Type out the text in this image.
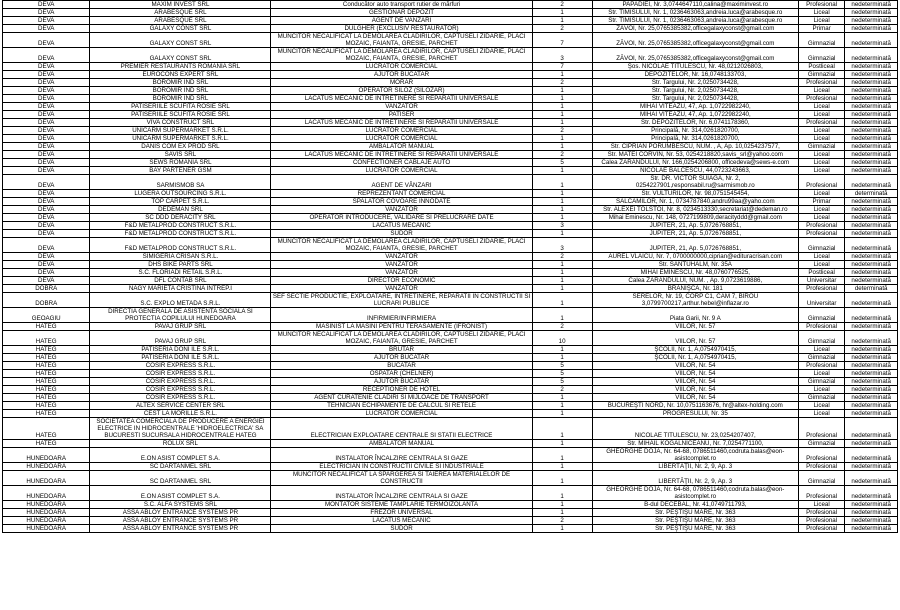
DEVA	MAXIM INVEST SRL	Conducător auto transport rutier de mărfuri	2	PAPADIEI, Nr. 3,0744647110,calina@maximinvest.ro	Profesional	nedeterminată
DEVA	ARABESQUE SRL	GESTIONAR DEPOZIT	1	Str. TIMISULUI, Nr. 1, 0236463063,andreia.luca@arabesque.ro	Liceal	nedeterminată
DEVA	ARABESQUE SRL	AGENT DE VANZARI	1	Str. TIMISULUI, Nr. 1, 0236463063,andreia.luca@arabesque.ro	Liceal	nedeterminată
DEVA	GALAXY CONST SRL	DULGHER (EXCLUSIV RESTAURATOR)	2	ZĂVOI, Nr. 25,0765385382,officegalaxyconst@gmail.com	Primar	nedeterminată
DEVA	GALAXY CONST SRL	MUNCITOR NECALIFICAT LA DEMOLAREA CLADIRILOR, CAPTUSELI ZIDARIE, PLACI MOZAIC, FAIANTA, GRESIE, PARCHET	7	ZĂVOI, Nr. 25,0765385382,officegalaxyconst@gmail.com	Gimnazial	nedeterminată
DEVA	GALAXY CONST SRL	MUNCITOR NECALIFICAT LA DEMOLAREA CLADIRILOR, CAPTUSELI ZIDARIE, PLACI MOZAIC, FAIANTA, GRESIE, PARCHET	3	ZĂVOI, Nr. 25,0765385382,officegalaxyconst@gmail.com	Gimnazial	nedeterminată
DEVA	PREMIER RESTAURANTS ROMANIA SRL	LUCRATOR COMERCIAL	7	Şos. NICOLAE TITULESCU, Nr. 48,0212026803,	Postliceal	nedeterminată
DEVA	EUROCONS EXPERT SRL	AJUTOR BUCATAR	1	DEPOZITELOR, Nr. 16,0748133703,	Gimnazial	nedeterminată
DEVA	BOROMIR IND SRL	MORAR	2	Str. Targului, Nr. 2,0250734428,	Profesional	nedeterminată
DEVA	BOROMIR IND SRL	OPERATOR SILOZ (SILOZAR)	1	Str. Targului, Nr. 2,0250734428,	Liceal	nedeterminată
DEVA	BOROMIR IND SRL	LACATUS MECANIC DE INTRETINERE SI REPARATII UNIVERSALE	1	Str. Targului, Nr. 2,0250734428,	Profesional	nedeterminată
DEVA	PATISERIILE SCUFITA ROSIE SRL	VANZATOR	1	MIHAI VITEAZU, 47, Ap. 1,0722982240,	Liceal	nedeterminată
DEVA	PATISERIILE SCUFITA ROSIE SRL	PATISER	1	MIHAI VITEAZU, 47, Ap. 1,0722982240,	Liceal	nedeterminată
DEVA	VIVA CONSTRUCT SRL	LACATUS MECANIC DE INTRETINERE SI REPARATII UNIVERSALE	1	Str. DEPOZITELOR, Nr. 6,0741178360,	Profesional	nedeterminată
DEVA	UNICARM SUPERMARKET S.R.L.	LUCRATOR COMERCIAL	2	Principală, Nr. 314,0261820700,	Liceal	nedeterminată
DEVA	UNICARM SUPERMARKET S.R.L.	LUCRATOR COMERCIAL	1	Principală, Nr. 314,0261820700,	Liceal	nedeterminată
DEVA	DANIS COM EX PROD SRL	AMBALATOR MANUAL	1	Str. CIPRIAN PORUMBESCU, NUM. , A, Ap. 10,0254237577,	Gimnazial	nedeterminată
DEVA	SAVIS SRL	LACATUS MECANIC DE INTRETINERE SI REPARATII UNIVERSALE	2	Str. MATEI CORVIN, Nr. 53, 0254218820,savis_srl@yahoo.com	Liceal	nedeterminată
DEVA	SEWS ROMANIA SRL	CONFECTIONER CABLAJE AUTO	5	Calea ZARANDULUI, Nr. 166,0254206800, officedeva@sews-e.com	Liceal	nedeterminată
DEVA	BAY PARTENER GSM	LUCRATOR COMERCIAL	1	NICOLAE BALCESCU, 44,0723243663,	Liceal	nedeterminată
DEVA	SARMISMOB SA	AGENT DE VÂNZARI	1	Str. DR. VICTOR SUIAGA, Nr. 2, 0254227901,responsabil.ru@sarmismob.ro	Profesional	nedeterminată
DEVA	LUGERA OUTSOURCING S.R.L.	REPREZENTANT COMERCIAL	1	Str. VULTURILOR, Nr. 98,0751545454,	Liceal	determinată
DEVA	TOP CARPET S.R.L.	SPALATOR COVOARE INNODATE	1	SALCAMILOR, Nr. 1, 0734787840,andru99aa@yaho.com	Primar	nedeterminată
DEVA	DEDEMAN SRL	VANZATOR	1	Str. ALEXEI TOLSTOI, Nr. 8, 0234513330,secretariat@dedeman.ro	Liceal	nedeterminată
DEVA	SC DDD DERACITY SRL	OPERATOR INTRODUCERE, VALIDARE SI PRELUCRARE DATE	1	Mihai Eminescu, Nr. 148, 0727199809,deracityddd@gmail.com	Liceal	nedeterminată
DEVA	F&D METALPROD CONSTRUCT S.R.L.	LACATUS MECANIC	3	JUPITER, 21, Ap. 5,0726768851,	Profesional	nedeterminată
DEVA	F&D METALPROD CONSTRUCT S.R.L.	SUDOR	1	JUPITER, 21, Ap. 5,0726768851,	Profesional	nedeterminată
DEVA	F&D METALPROD CONSTRUCT S.R.L.	MUNCITOR NECALIFICAT LA DEMOLAREA CLADIRILOR, CAPTUSELI ZIDARIE, PLACI MOZAIC, FAIANTA, GRESIE, PARCHET	3	JUPITER, 21, Ap. 5,0726768851,	Gimnazial	nedeterminată
DEVA	SIMIGERIA CRISAN S.R.L.	VANZATOR	2	AUREL VLAICU, Nr. 7, 0700000000,ciprian@edituracrisan.com	Liceal	nedeterminată
DEVA	DHS BIKE PARTS SRL	VANZATOR	1	Str. SANTUHALM, Nr. 35A	Liceal	nedeterminată
DEVA	S.C. FLORIADI RETAIL S.R.L.	VANZATOR	1	MIHAI EMINESCU, Nr. 48,0760776525,	Postliceal	nedeterminată
DEVA	DFL CONTAB SRL	DIRECTOR ECONOMIC	1	Calea ZARANDULUI, NUM. , Ap. 9,0723619886,	Universitar	nedeterminată
DOBRA	NAGY MARIETA CRISTINA INTREP.I	VANZATOR	1	BRANIŞCA, Nr. 181	Profesional	determinată
DOBRA	S.C. EXPLO METADA S.R.L.	SEF SECTIE PRODUCTIE, EXPLOATARE, INTRETINERE, REPARATII IN CONSTRUCTII SI LUCRARI PUBLICE	1	SERELOR, Nr. 19, CORP C1, CAM 7, BIROU 3,0799700217,arthur.hebel@inflazar.ro	Universitar	nedeterminată
GEOAGIU	DIRECTIA GENERALA DE ASISTENTA SOCIALA SI PROTECTIA COPILULUI HUNEDOARA	INFIRMIER/INFIRMIERA	1	Piata Garii, Nr. 9 A	Gimnazial	nedeterminată
HATEG	PAVAJ GRUP SRL	MASINIST LA MASINI PENTRU TERASAMENTE (IFRONIST)	2	VIILOR, Nr. 57	Profesional	nedeterminată
HATEG	PAVAJ GRUP SRL	MUNCITOR NECALIFICAT LA DEMOLAREA CLADIRILOR, CAPTUSELI ZIDARIE, PLACI MOZAIC, FAIANTA, GRESIE, PARCHET	10	VIILOR, Nr. 57	Gimnazial	nedeterminată
HATEG	PATISERIA DONI ILE S.R.L.	BRUTAR	1	ŞCOLII, Nr. 1, A,0754970415,	Liceal	nedeterminată
HATEG	PATISERIA DONI ILE S.R.L.	AJUTOR BUCATAR	1	ŞCOLII, Nr. 1, A,0754970415,	Gimnazial	nedeterminată
HATEG	COSIR EXPRESS S.R.L.	BUCATAR	5	VIILOR, Nr. 54	Profesional	nedeterminată
HATEG	COSIR EXPRESS S.R.L.	OSPATAR (CHELNER)	5	VIILOR, Nr. 54	Liceal	nedeterminată
HATEG	COSIR EXPRESS S.R.L.	AJUTOR BUCATAR	5	VIILOR, Nr. 54	Gimnazial	nedeterminată
HATEG	COSIR EXPRESS S.R.L.	RECEPTIONER DE HOTEL	2	VIILOR, Nr. 54	Liceal	nedeterminată
HATEG	COSIR EXPRESS S.R.L.	AGENT CURATENIE CLADIRI SI MIJLOACE DE TRANSPORT	1	VIILOR, Nr. 54	Gimnazial	nedeterminată
HATEG	ALTEX SERVICE CENTER SRL	TEHNICIAN ECHIPAMENTE DE CALCUL SI RETELE	1	BUCUREŞTI NORD, Nr. 10,0751163676, hr@altex-holding.com	Liceal	nedeterminată
HATEG	CEST LA MORILLE S.R.L.	LUCRATOR COMERCIAL	1	PROGRESULUI, Nr. 35	Liceal	nedeterminată
HATEG	SOCIETATEA COMERCIALA DE PRODUCERE A ENERGIEI ELECTRICE IN HIDROCENTRALE 'HIDROELECTRICA' SA BUCURESTI SUCURSALA HIDROCENTRALE HATEG	ELECTRICIAN EXPLOATARE CENTRALE SI STATII ELECTRICE	1	NICOLAE TITULESCU, Nr. 23,0254207407,	Profesional	nedeterminată
HATEG	ROLUX SRL	AMBALATOR MANUAL	1	Str. MIHAIL KOGALNICEANU, Nr. 7,0254771100,	Gimnazial	nedeterminată
HUNEDOARA	E.ON ASIST COMPLET S.A.	INSTALATOR ÎNCALZIRE CENTRALA SI GAZE	1	GHEORGHE DOJA, Nr. 64-68, 0786511460,codruta.balas@eon-asistcomplet.ro	Profesional	nedeterminată
HUNEDOARA	SC DARTANMEL SRL	ELECTRICIAN IN CONSTRUCTII CIVILE SI INDUSTRIALE	1	LIBERTĂŢII, Nr. 2, 9, Ap. 3	Profesional	nedeterminată
HUNEDOARA	SC DARTANMEL SRL	MUNCITOR NECALIFICAT LA SPARGEREA SI TAIEREA MATERIALELOR DE CONSTRUCTII	1	LIBERTĂŢII, Nr. 2, 9, Ap. 3	Gimnazial	nedeterminată
HUNEDOARA	E.ON ASIST COMPLET S.A.	INSTALATOR ÎNCALZIRE CENTRALA SI GAZE	1	GHEORGHE DOJA, Nr. 64-68, 0786511460,codruta.balas@eon-asistcomplet.ro	Profesional	nedeterminată
HUNEDOARA	S.C. ALFA SYSTEMS SRL	MONTATOR SISTEME TAMPLARIE TERMOIZOLANTA	1	B-dul DECEBAL, Nr. 41,0749711793,	Liceal	nedeterminată
HUNEDOARA	ASSA ABLOY ENTRANCE SYSTEMS PR	FREZOR UNIVERSAL	1	Str. PEŞTIŞU MARE, Nr. 363	Profesional	nedeterminată
HUNEDOARA	ASSA ABLOY ENTRANCE SYSTEMS PR	LACATUS MECANIC	2	Str. PEŞTIŞU MARE, Nr. 363	Profesional	nedeterminată
HUNEDOARA	ASSA ABLOY ENTRANCE SYSTEMS PR	SUDOR	1	Str. PEŞTIŞU MARE, Nr. 363	Profesional	nedeterminată
